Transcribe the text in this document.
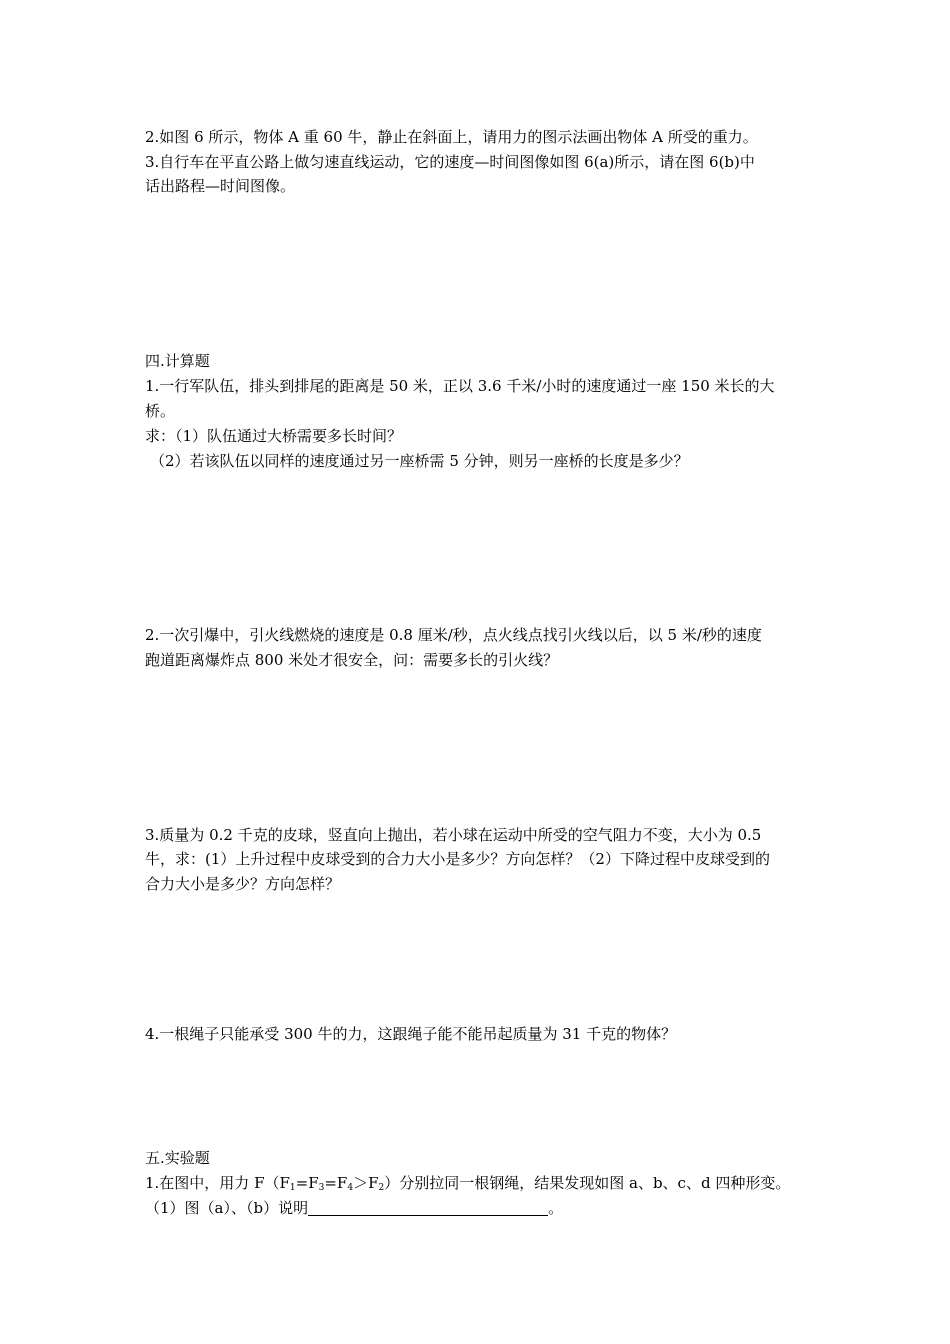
2.如图 6 所示，物体 A 重 60 牛，静止在斜面上，请用力的图示法画出物体 A 所受的重力。
3.自行车在平直公路上做匀速直线运动，它的速度—时间图像如图 6(a)所示，请在图 6(b)中
话出路程—时间图像。
四.计算题
1.一行军队伍，排头到排尾的距离是 50 米，正以 3.6 千米/小时的速度通过一座 150 米长的大
桥。
求：（1）队伍通过大桥需要多长时间？
（2）若该队伍以同样的速度通过另一座桥需 5 分钟，则另一座桥的长度是多少？
2.一次引爆中，引火线燃烧的速度是 0.8 厘米/秒，点火线点找引火线以后，以 5 米/秒的速度
跑道距离爆炸点 800 米处才很安全，问：需要多长的引火线？
3.质量为 0.2 千克的皮球，竖直向上抛出，若小球在运动中所受的空气阻力不变，大小为 0.5
牛，求：(1）上升过程中皮球受到的合力大小是多少？方向怎样？（2）下降过程中皮球受到的
合力大小是多少？方向怎样？
4.一根绳子只能承受 300 牛的力，这跟绳子能不能吊起质量为 31 千克的物体？
五.实验题
1.在图中，用力 $F(F_1=F_3=F_4>F_2)$分别拉同一根钢绳，结果发现如图 a、b、c、d 四种形变。
（1）图（a）、（b）说明	。
